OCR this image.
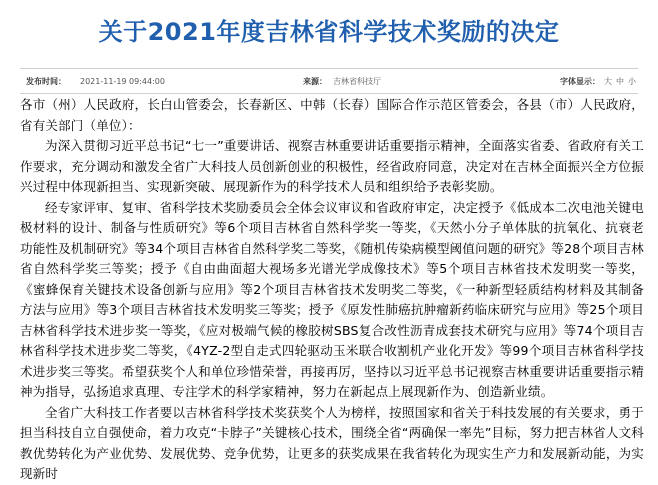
关于2021年度吉林省科学技术奖励的决定
发布时间： 2021-11-19 09:44:00	来源： 吉林省科技厅	字体显示： 大 中 小

各市（州）人民政府，长白山管委会，长春新区、中韩（长春）国际合作示范区管委会，各县（市）人民政府，省有关部门（单位）：

为深入贯彻习近平总书记“七一”重要讲话、视察吉林重要讲话重要指示精神，全面落实省委、省政府有关工作要求，充分调动和激发全省广大科技人员创新创业的积极性，经省政府同意，决定对在吉林全面振兴全方位振兴过程中体现新担当、实现新突破、展现新作为的科学技术人员和组织给予表彰奖励。

经专家评审、复审、省科学技术奖励委员会全体会议审议和省政府审定，决定授予《低成本二次电池关键电极材料的设计、制备与性质研究》等6个项目吉林省自然科学奖一等奖，《天然小分子单体肽的抗氧化、抗衰老功能性及机制研究》等34个项目吉林省自然科学奖二等奖，《随机传染病模型阈值问题的研究》等28个项目吉林省自然科学奖三等奖；授予《自由曲面超大视场多光谱光学成像技术》等5个项目吉林省技术发明奖一等奖，《蜜蜂保育关键技术设备创新与应用》等2个项目吉林省技术发明奖二等奖，《一种新型轻质结构材料及其制备方法与应用》等3个项目吉林省技术发明奖三等奖；授予《原发性肺癌抗肿瘤新药临床研究与应用》等25个项目吉林省科学技术进步奖一等奖，《应对极端气候的橡胶树SBS复合改性沥青成套技术研究与应用》等74个项目吉林省科学技术进步奖二等奖，《4YZ-2型自走式四轮驱动玉米联合收割机产业化开发》等99个项目吉林省科学技术进步奖三等奖。希望获奖个人和单位珍惜荣誉，再接再厉，坚持以习近平总书记视察吉林重要讲话重要指示精神为指导，弘扬追求真理、专注学术的科学家精神，努力在新起点上展现新作为、创造新业绩。

全省广大科技工作者要以吉林省科学技术奖获奖个人为榜样，按照国家和省关于科技发展的有关要求，勇于担当科技自立自强使命，着力攻克“卡脖子”关键核心技术，围绕全省“两确保一率先”目标，努力把吉林省人文科教优势转化为产业优势、发展优势、竞争优势，让更多的获奖成果在我省转化为现实生产力和发展新动能，为实现新时
